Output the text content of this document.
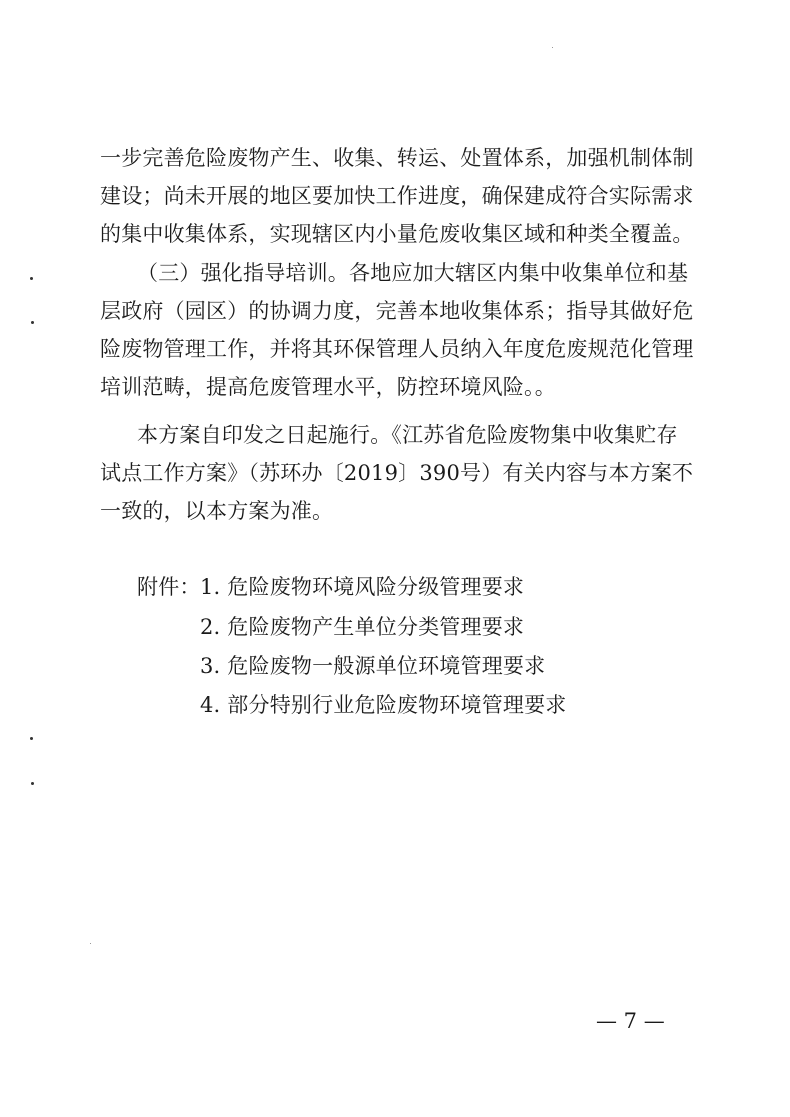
一步完善危险废物产生、收集、转运、处置体系，加强机制体制
建设；尚未开展的地区要加快工作进度，确保建成符合实际需求
的集中收集体系，实现辖区内小量危废收集区域和种类全覆盖。
（三）强化指导培训。各地应加大辖区内集中收集单位和基
层政府（园区）的协调力度，完善本地收集体系；指导其做好危
险废物管理工作，并将其环保管理人员纳入年度危废规范化管理
培训范畴，提高危废管理水平，防控环境风险。。
本方案自印发之日起施行。《江苏省危险废物集中收集贮存
试点工作方案》（苏环办〔2019〕390号）有关内容与本方案不
一致的，以本方案为准。
附件： 1. 危险废物环境风险分级管理要求
2. 危险废物产生单位分类管理要求
3. 危险废物一般源单位环境管理要求
4. 部分特别行业危险废物环境管理要求
— 7 —
